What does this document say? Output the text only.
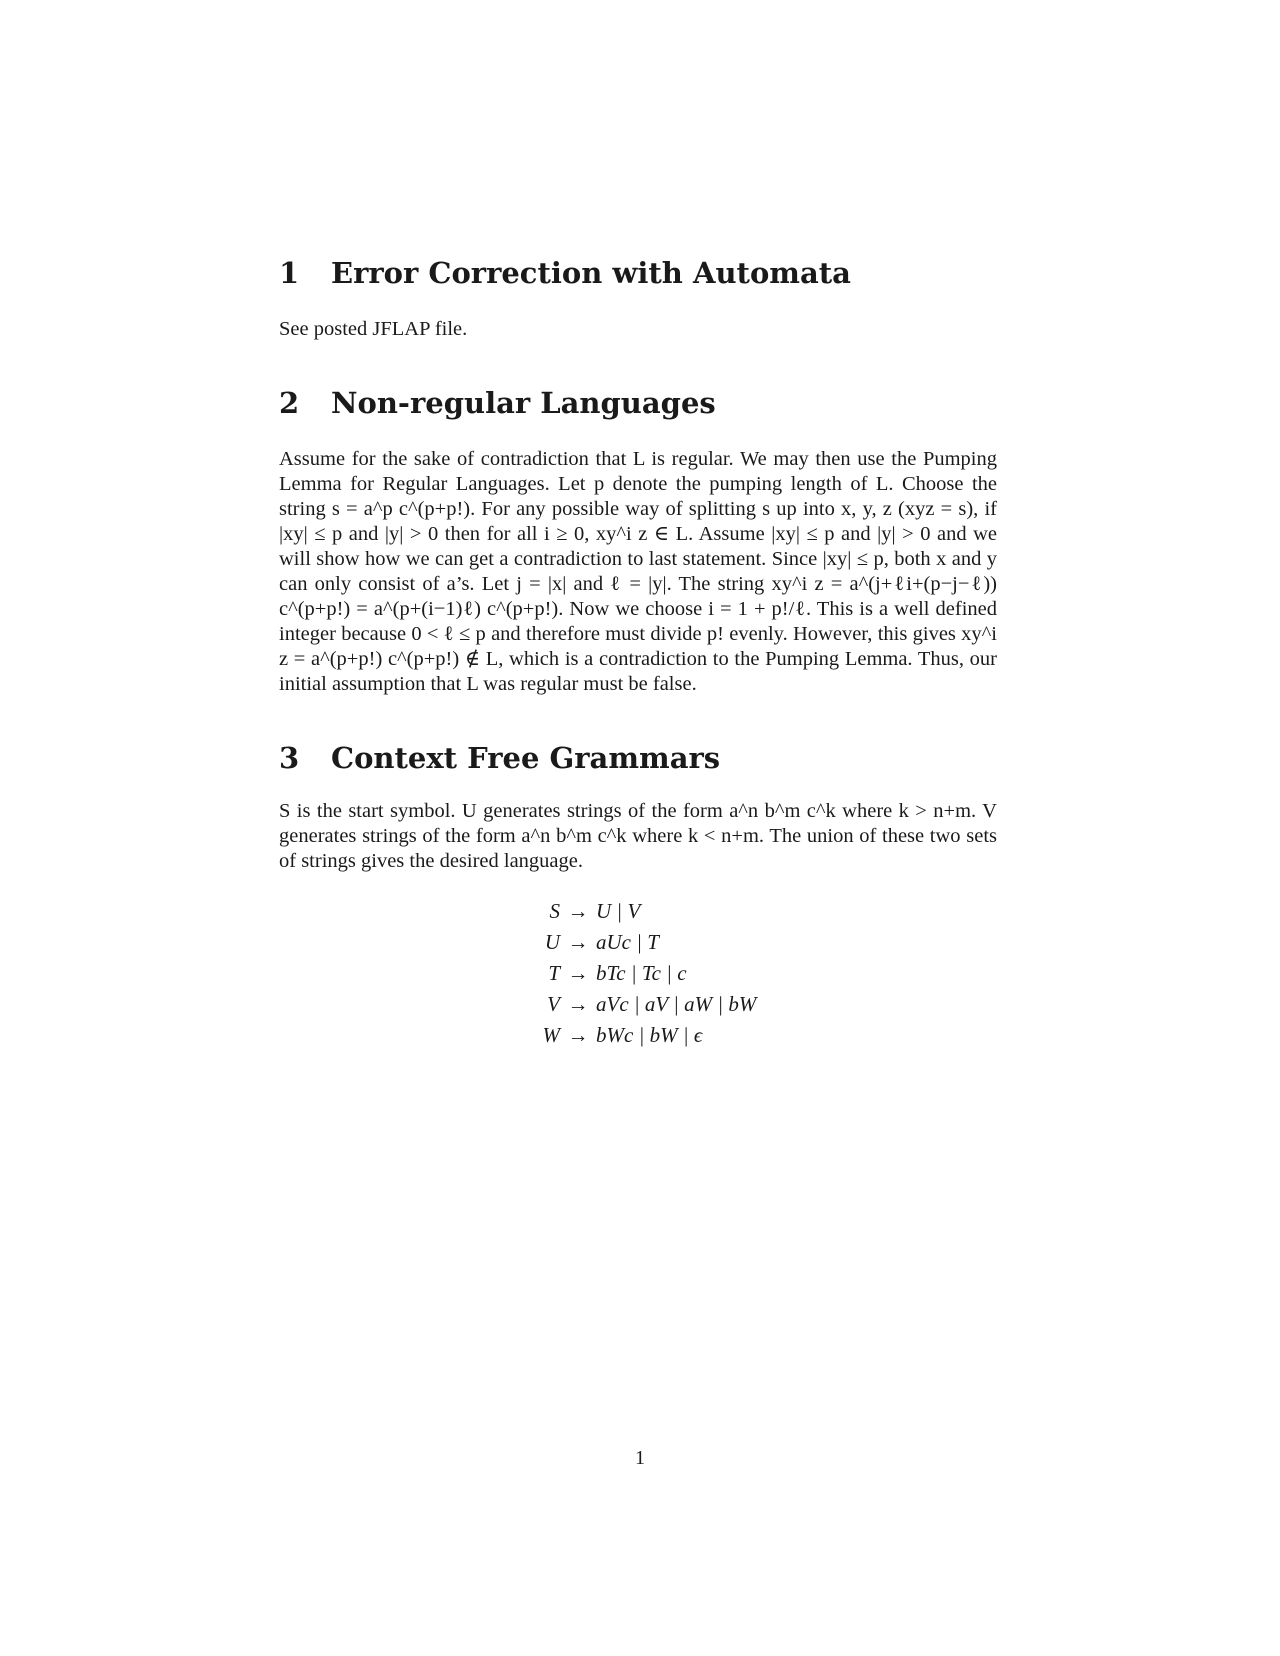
1 Error Correction with Automata

See posted JFLAP file.

2 Non-regular Languages

Assume for the sake of contradiction that L is regular. We may then use the Pumping Lemma for Regular Languages. Let p denote the pumping length of L. Choose the string s = a^p c^(p+p!). For any possible way of splitting s up into x, y, z (xyz = s), if |xy| ≤ p and |y| > 0 then for all i ≥ 0, xy^i z ∈ L. Assume |xy| ≤ p and |y| > 0 and we will show how we can get a contradiction to last statement. Since |xy| ≤ p, both x and y can only consist of a’s. Let j = |x| and ℓ = |y|. The string xy^i z = a^(j+ℓi+(p−j−ℓ)) c^(p+p!) = a^(p+(i−1)ℓ) c^(p+p!). Now we choose i = 1 + p!/ℓ. This is a well defined integer because 0 < ℓ ≤ p and therefore must divide p! evenly. However, this gives xy^i z = a^(p+p!) c^(p+p!) ∉ L, which is a contradiction to the Pumping Lemma. Thus, our initial assumption that L was regular must be false.

3 Context Free Grammars

S is the start symbol. U generates strings of the form a^n b^m c^k where k > n+m. V generates strings of the form a^n b^m c^k where k < n+m. The union of these two sets of strings gives the desired language.

S → U | V
U → aUc | T
T → bTc | Tc | c
V → aVc | aV | aW | bW
W → bWc | bW | ϵ
1
